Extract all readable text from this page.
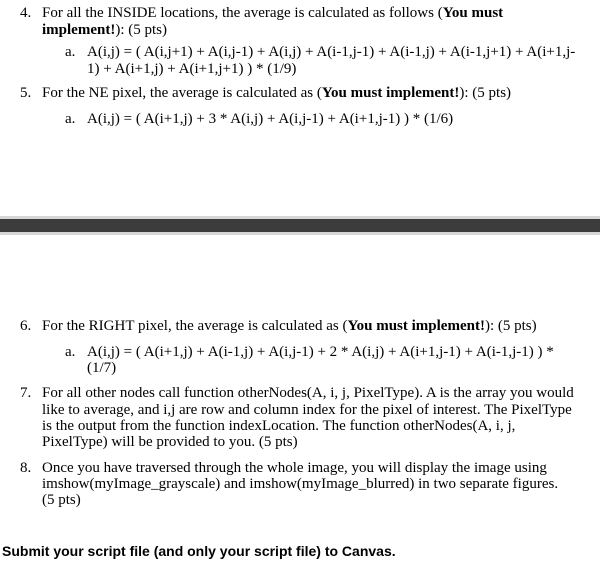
4. For all the INSIDE locations, the average is calculated as follows (You must
implement!): (5 pts)
a. A(i,j) = ( A(i,j+1) + A(i,j-1) + A(i,j) + A(i-1,j-1) + A(i-1,j) + A(i-1,j+1) + A(i+1,j-
1) + A(i+1,j) + A(i+1,j+1) ) * (1/9)
5. For the NE pixel, the average is calculated as (You must implement!): (5 pts)
a. A(i,j) = ( A(i+1,j) + 3 * A(i,j) + A(i,j-1) + A(i+1,j-1) ) * (1/6)
6. For the RIGHT pixel, the average is calculated as (You must implement!): (5 pts)
a. A(i,j) = ( A(i+1,j) + A(i-1,j) + A(i,j-1) + 2 * A(i,j) + A(i+1,j-1) + A(i-1,j-1) ) *
(1/7)
7. For all other nodes call function otherNodes(A, i, j, PixelType). A is the array you would
like to average, and i,j are row and column index for the pixel of interest. The PixelType
is the output from the function indexLocation. The function otherNodes(A, i, j,
PixelType) will be provided to you. (5 pts)
8. Once you have traversed through the whole image, you will display the image using
imshow(myImage_grayscale) and imshow(myImage_blurred) in two separate figures.
(5 pts)
Submit your script file (and only your script file) to Canvas.
